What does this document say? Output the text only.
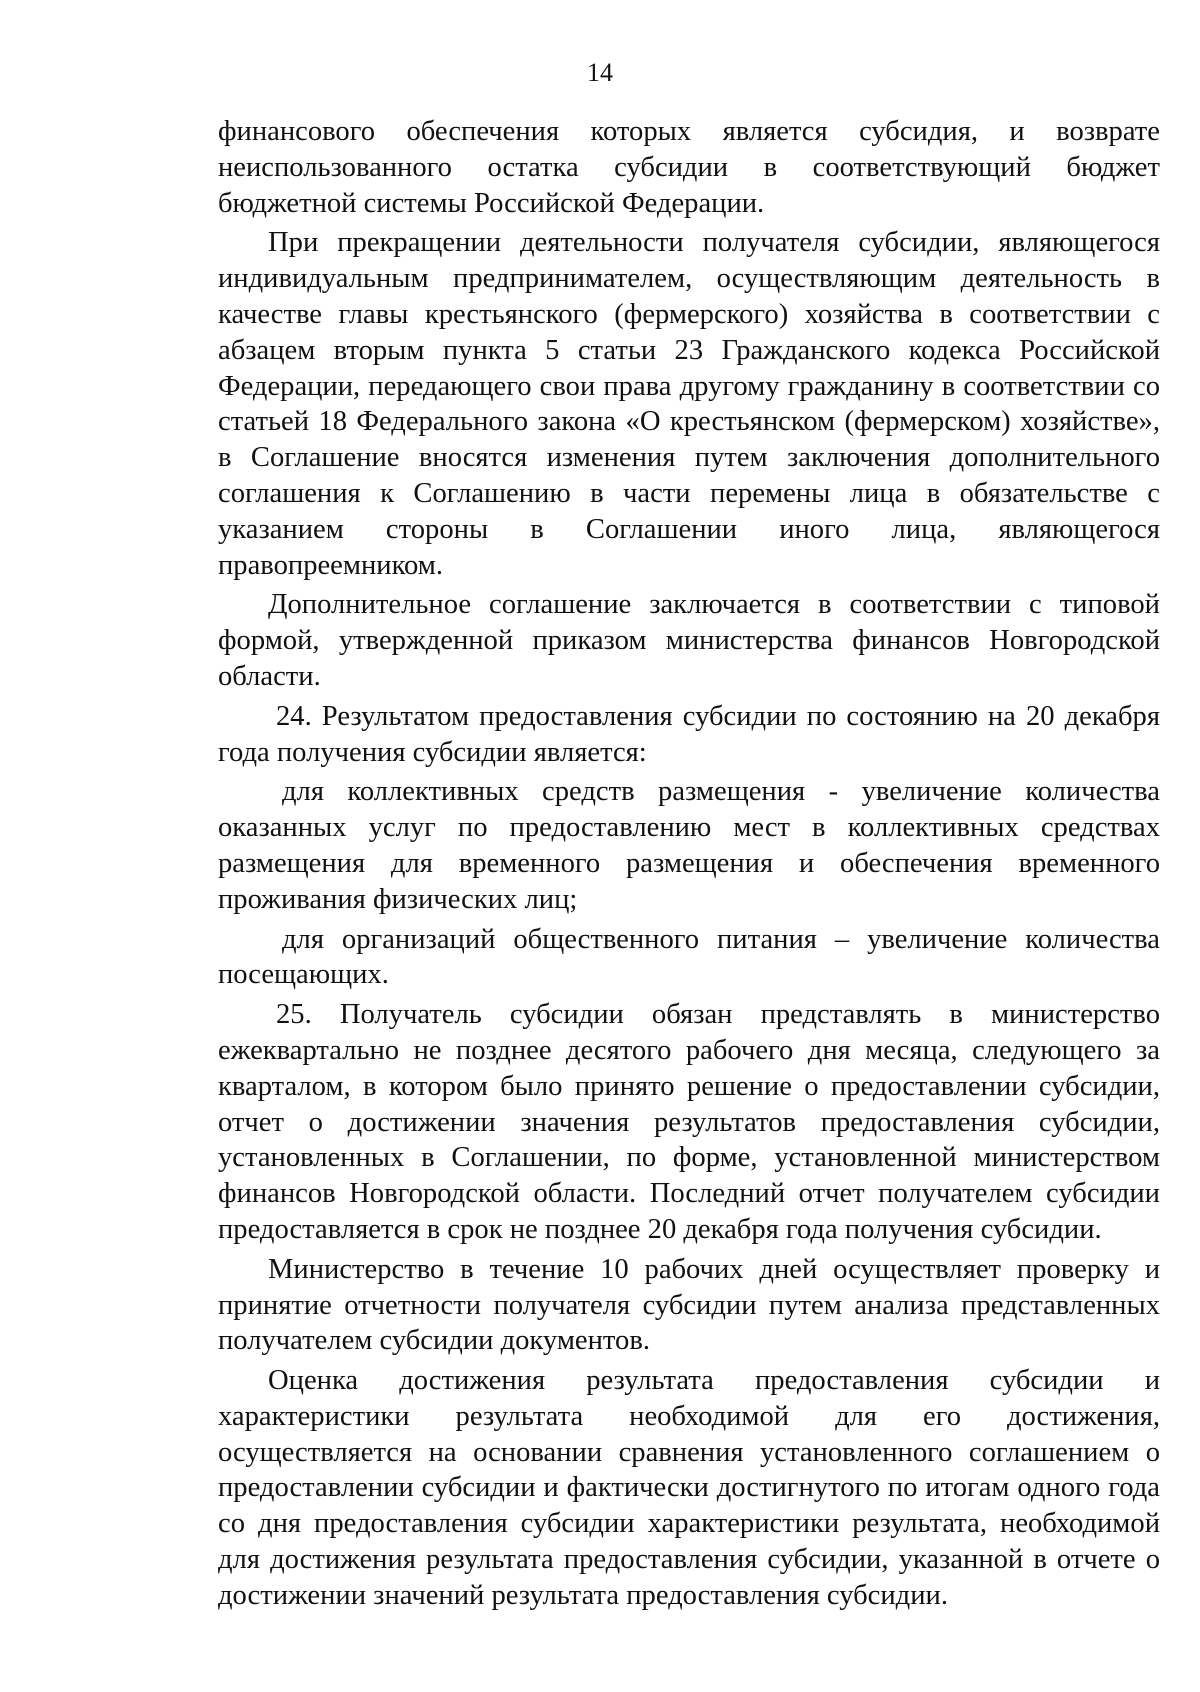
14

финансового обеспечения которых является субсидия, и возврате неиспользованного остатка субсидии в соответствующий бюджет бюджетной системы Российской Федерации.

При прекращении деятельности получателя субсидии, являющегося индивидуальным предпринимателем, осуществляющим деятельность в качестве главы крестьянского (фермерского) хозяйства в соответствии с абзацем вторым пункта 5 статьи 23 Гражданского кодекса Российской Федерации, передающего свои права другому гражданину в соответствии со статьей 18 Федерального закона «О крестьянском (фермерском) хозяйстве», в Соглашение вносятся изменения путем заключения дополнительного соглашения к Соглашению в части перемены лица в обязательстве с указанием стороны в Соглашении иного лица, являющегося правопреемником.

Дополнительное соглашение заключается в соответствии с типовой формой, утвержденной приказом министерства финансов Новгородской области.

24. Результатом предоставления субсидии по состоянию на 20 декабря года получения субсидии является:

для коллективных средств размещения - увеличение количества оказанных услуг по предоставлению мест в коллективных средствах размещения для временного размещения и обеспечения временного проживания физических лиц;

для организаций общественного питания – увеличение количества посещающих.

25. Получатель субсидии обязан представлять в министерство ежеквартально не позднее десятого рабочего дня месяца, следующего за кварталом, в котором было принято решение о предоставлении субсидии, отчет о достижении значения результатов предоставления субсидии, установленных в Соглашении, по форме, установленной министерством финансов Новгородской области. Последний отчет получателем субсидии предоставляется в срок не позднее 20 декабря года получения субсидии.

Министерство в течение 10 рабочих дней осуществляет проверку и принятие отчетности получателя субсидии путем анализа представленных получателем субсидии документов.

Оценка достижения результата предоставления субсидии и характеристики результата необходимой для его достижения, осуществляется на основании сравнения установленного соглашением о предоставлении субсидии и фактически достигнутого по итогам одного года со дня предоставления субсидии характеристики результата, необходимой для достижения результата предоставления субсидии, указанной в отчете о достижении значений результата предоставления субсидии.
